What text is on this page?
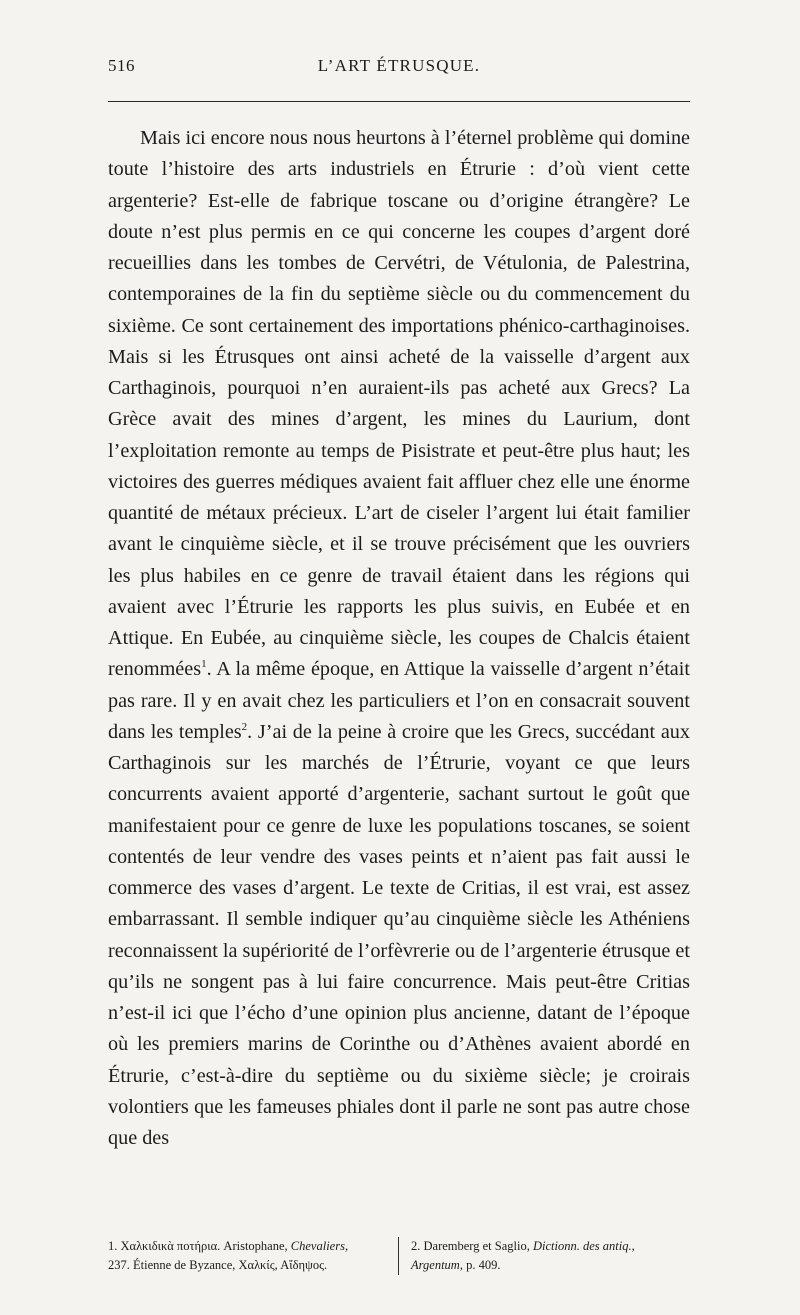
516	L’ART ÉTRUSQUE.

Mais ici encore nous nous heurtons à l’éternel problème qui domine toute l’histoire des arts industriels en Étrurie : d’où vient cette argenterie? Est-elle de fabrique toscane ou d’origine étrangère? Le doute n’est plus permis en ce qui concerne les coupes d’argent doré recueillies dans les tombes de Cervétri, de Vétulonia, de Palestrina, contemporaines de la fin du septième siècle ou du commencement du sixième. Ce sont certainement des importations phénico-carthaginoises. Mais si les Étrusques ont ainsi acheté de la vaisselle d’argent aux Carthaginois, pourquoi n’en auraient-ils pas acheté aux Grecs? La Grèce avait des mines d’argent, les mines du Laurium, dont l’exploitation remonte au temps de Pisistrate et peut-être plus haut; les victoires des guerres médiques avaient fait affluer chez elle une énorme quantité de métaux précieux. L’art de ciseler l’argent lui était familier avant le cinquième siècle, et il se trouve précisément que les ouvriers les plus habiles en ce genre de travail étaient dans les régions qui avaient avec l’Étrurie les rapports les plus suivis, en Eubée et en Attique. En Eubée, au cinquième siècle, les coupes de Chalcis étaient renommées$^1$. A la même époque, en Attique la vaisselle d’argent n’était pas rare. Il y en avait chez les particuliers et l’on en consacrait souvent dans les temples$^2$. J’ai de la peine à croire que les Grecs, succédant aux Carthaginois sur les marchés de l’Étrurie, voyant ce que leurs concurrents avaient apporté d’argenterie, sachant surtout le goût que manifestaient pour ce genre de luxe les populations toscanes, se soient contentés de leur vendre des vases peints et n’aient pas fait aussi le commerce des vases d’argent. Le texte de Critias, il est vrai, est assez embarrassant. Il semble indiquer qu’au cinquième siècle les Athéniens reconnaissent la supériorité de l’orfèvrerie ou de l’argenterie étrusque et qu’ils ne songent pas à lui faire concurrence. Mais peut-être Critias n’est-il ici que l’écho d’une opinion plus ancienne, datant de l’époque où les premiers marins de Corinthe ou d’Athènes avaient abordé en Étrurie, c’est-à-dire du septième ou du sixième siècle; je croirais volontiers que les fameuses phiales dont il parle ne sont pas autre chose que des

1. Χαλκιδικὰ ποτήρια. Aristophane, Chevaliers,
237. Étienne de Byzance, Χαλκίς, Αἴδηψος.
2. Daremberg et Saglio, Dictionn. des antiq.,
Argentum, p. 409.
